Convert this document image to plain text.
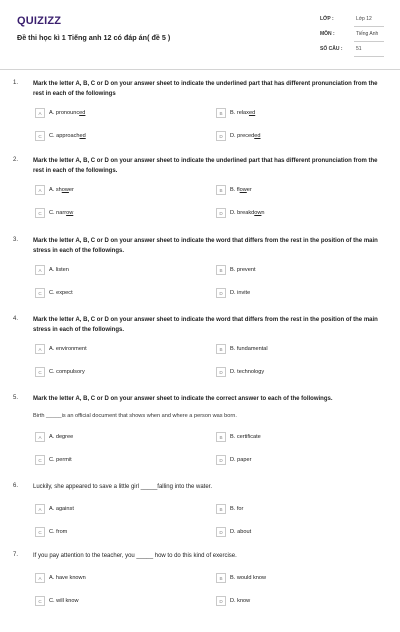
QUIZIZZ
Đề thi học kì 1 Tiếng anh 12 có đáp án( đề 5 )
LỚP :	Lớp 12
MÔN :	Tiếng Anh
SỐ CÂU :	51
1. Mark the letter A, B, C or D on your answer sheet to indicate the underlined part that has different pronunciation from the rest in each of the followings
A	A. pronounced	B	B. relaxed
C	C. approached	D	D. preceded
2. Mark the letter A, B, C or D on your answer sheet to indicate the underlined part that has different pronunciation from the rest in each of the followings.
A	A. shower	B	B. flower
C	C. narrow	D	D. breakdown
3. Mark the letter A, B, C or D on your answer sheet to indicate the word that differs from the rest in the position of the main stress in each of the followings.
A	A. listen	B	B. prevent
C	C. expect	D	D. invite
4. Mark the letter A, B, C or D on your answer sheet to indicate the word that differs from the rest in the position of the main stress in each of the followings.
A	A. environment	B	B. fundamental
C	C. compulsory	D	D. technology
5. Mark the letter A, B, C or D on your answer sheet to indicate the correct answer to each of the followings.
Birth _____is an official document that shows when and where a person was born.
A	A. degree	B	B. certificate
C	C. permit	D	D. paper
6. Luckily, she appeared to save a little girl _____falling into the water.
A	A. against	B	B. for
C	C. from	D	D. about
7. If you pay attention to the teacher, you _____ how to do this kind of exercise.
A	A. have known	B	B. would know
C	C. will know	D	D. know
